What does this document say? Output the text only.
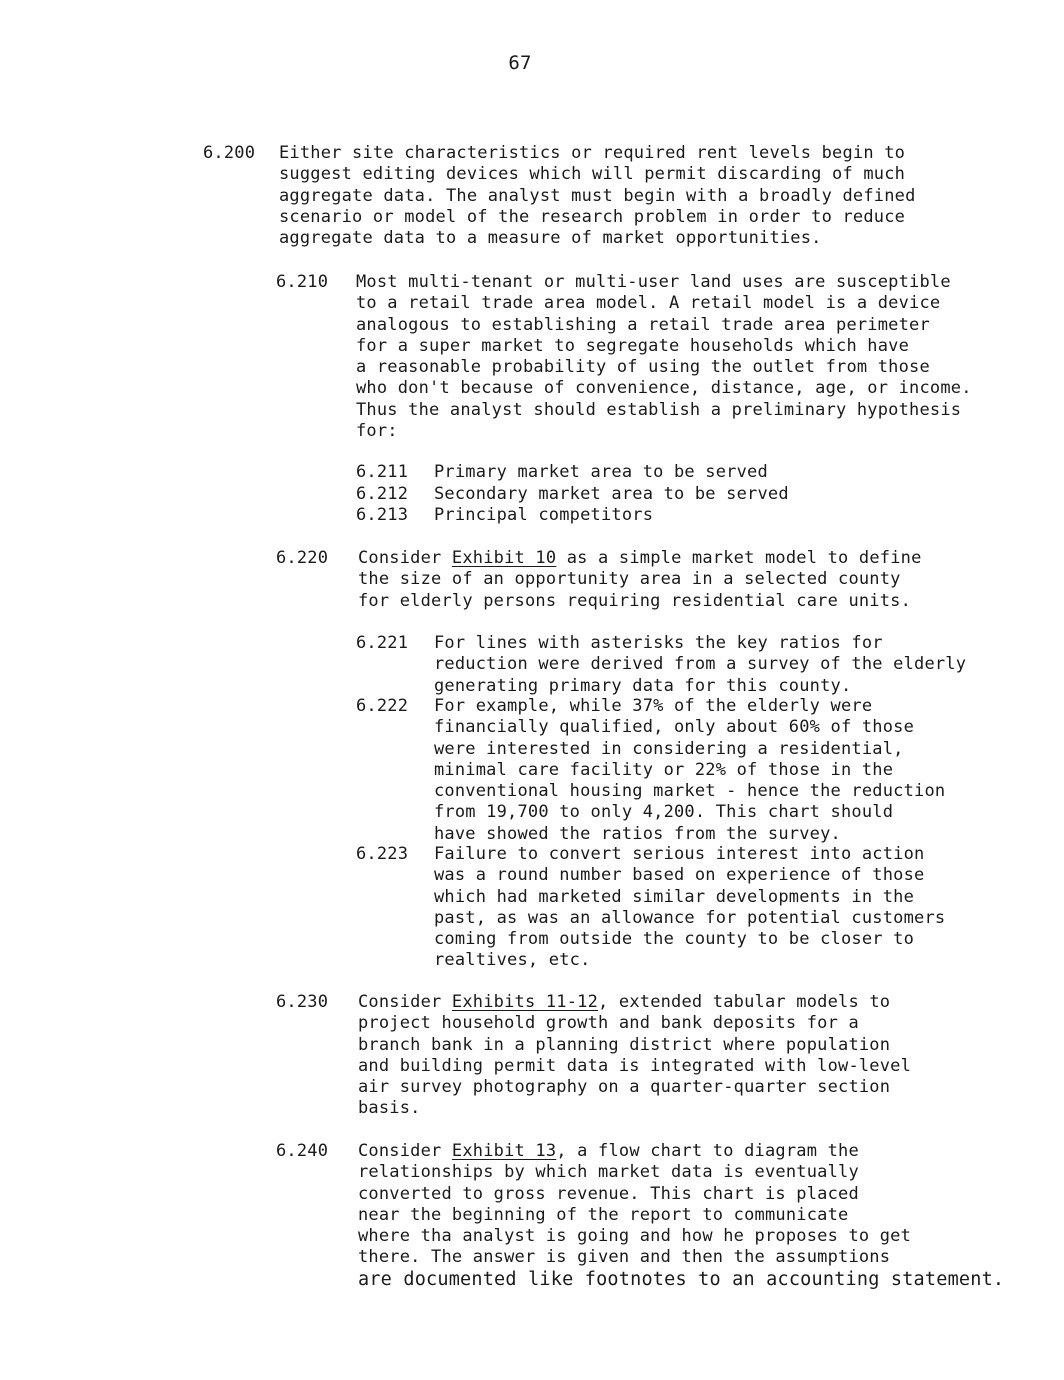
67
6.200 Either site characteristics or required rent levels begin to
suggest editing devices which will permit discarding of much
aggregate data. The analyst must begin with a broadly defined
scenario or model of the research problem in order to reduce
aggregate data to a measure of market opportunities.
6.210 Most multi-tenant or multi-user land uses are susceptible
to a retail trade area model. A retail model is a device
analogous to establishing a retail trade area perimeter
for a super market to segregate households which have
a reasonable probability of using the outlet from those
who don't because of convenience, distance, age, or income.
Thus the analyst should establish a preliminary hypothesis
for:
6.211 Primary market area to be served
6.212 Secondary market area to be served
6.213 Principal competitors
6.220 Consider Exhibit 10 as a simple market model to define
the size of an opportunity area in a selected county
for elderly persons requiring residential care units.
6.221 For lines with asterisks the key ratios for
reduction were derived from a survey of the elderly
generating primary data for this county.
6.222 For example, while 37% of the elderly were
financially qualified, only about 60% of those
were interested in considering a residential,
minimal care facility or 22% of those in the
conventional housing market - hence the reduction
from 19,700 to only 4,200. This chart should
have showed the ratios from the survey.
6.223 Failure to convert serious interest into action
was a round number based on experience of those
which had marketed similar developments in the
past, as was an allowance for potential customers
coming from outside the county to be closer to
realtives, etc.
6.230 Consider Exhibits 11-12, extended tabular models to
project household growth and bank deposits for a
branch bank in a planning district where population
and building permit data is integrated with low-level
air survey photography on a quarter-quarter section
basis.
6.240 Consider Exhibit 13, a flow chart to diagram the
relationships by which market data is eventually
converted to gross revenue. This chart is placed
near the beginning of the report to communicate
where tha analyst is going and how he proposes to get
there. The answer is given and then the assumptions
are documented like footnotes to an accounting statement.
